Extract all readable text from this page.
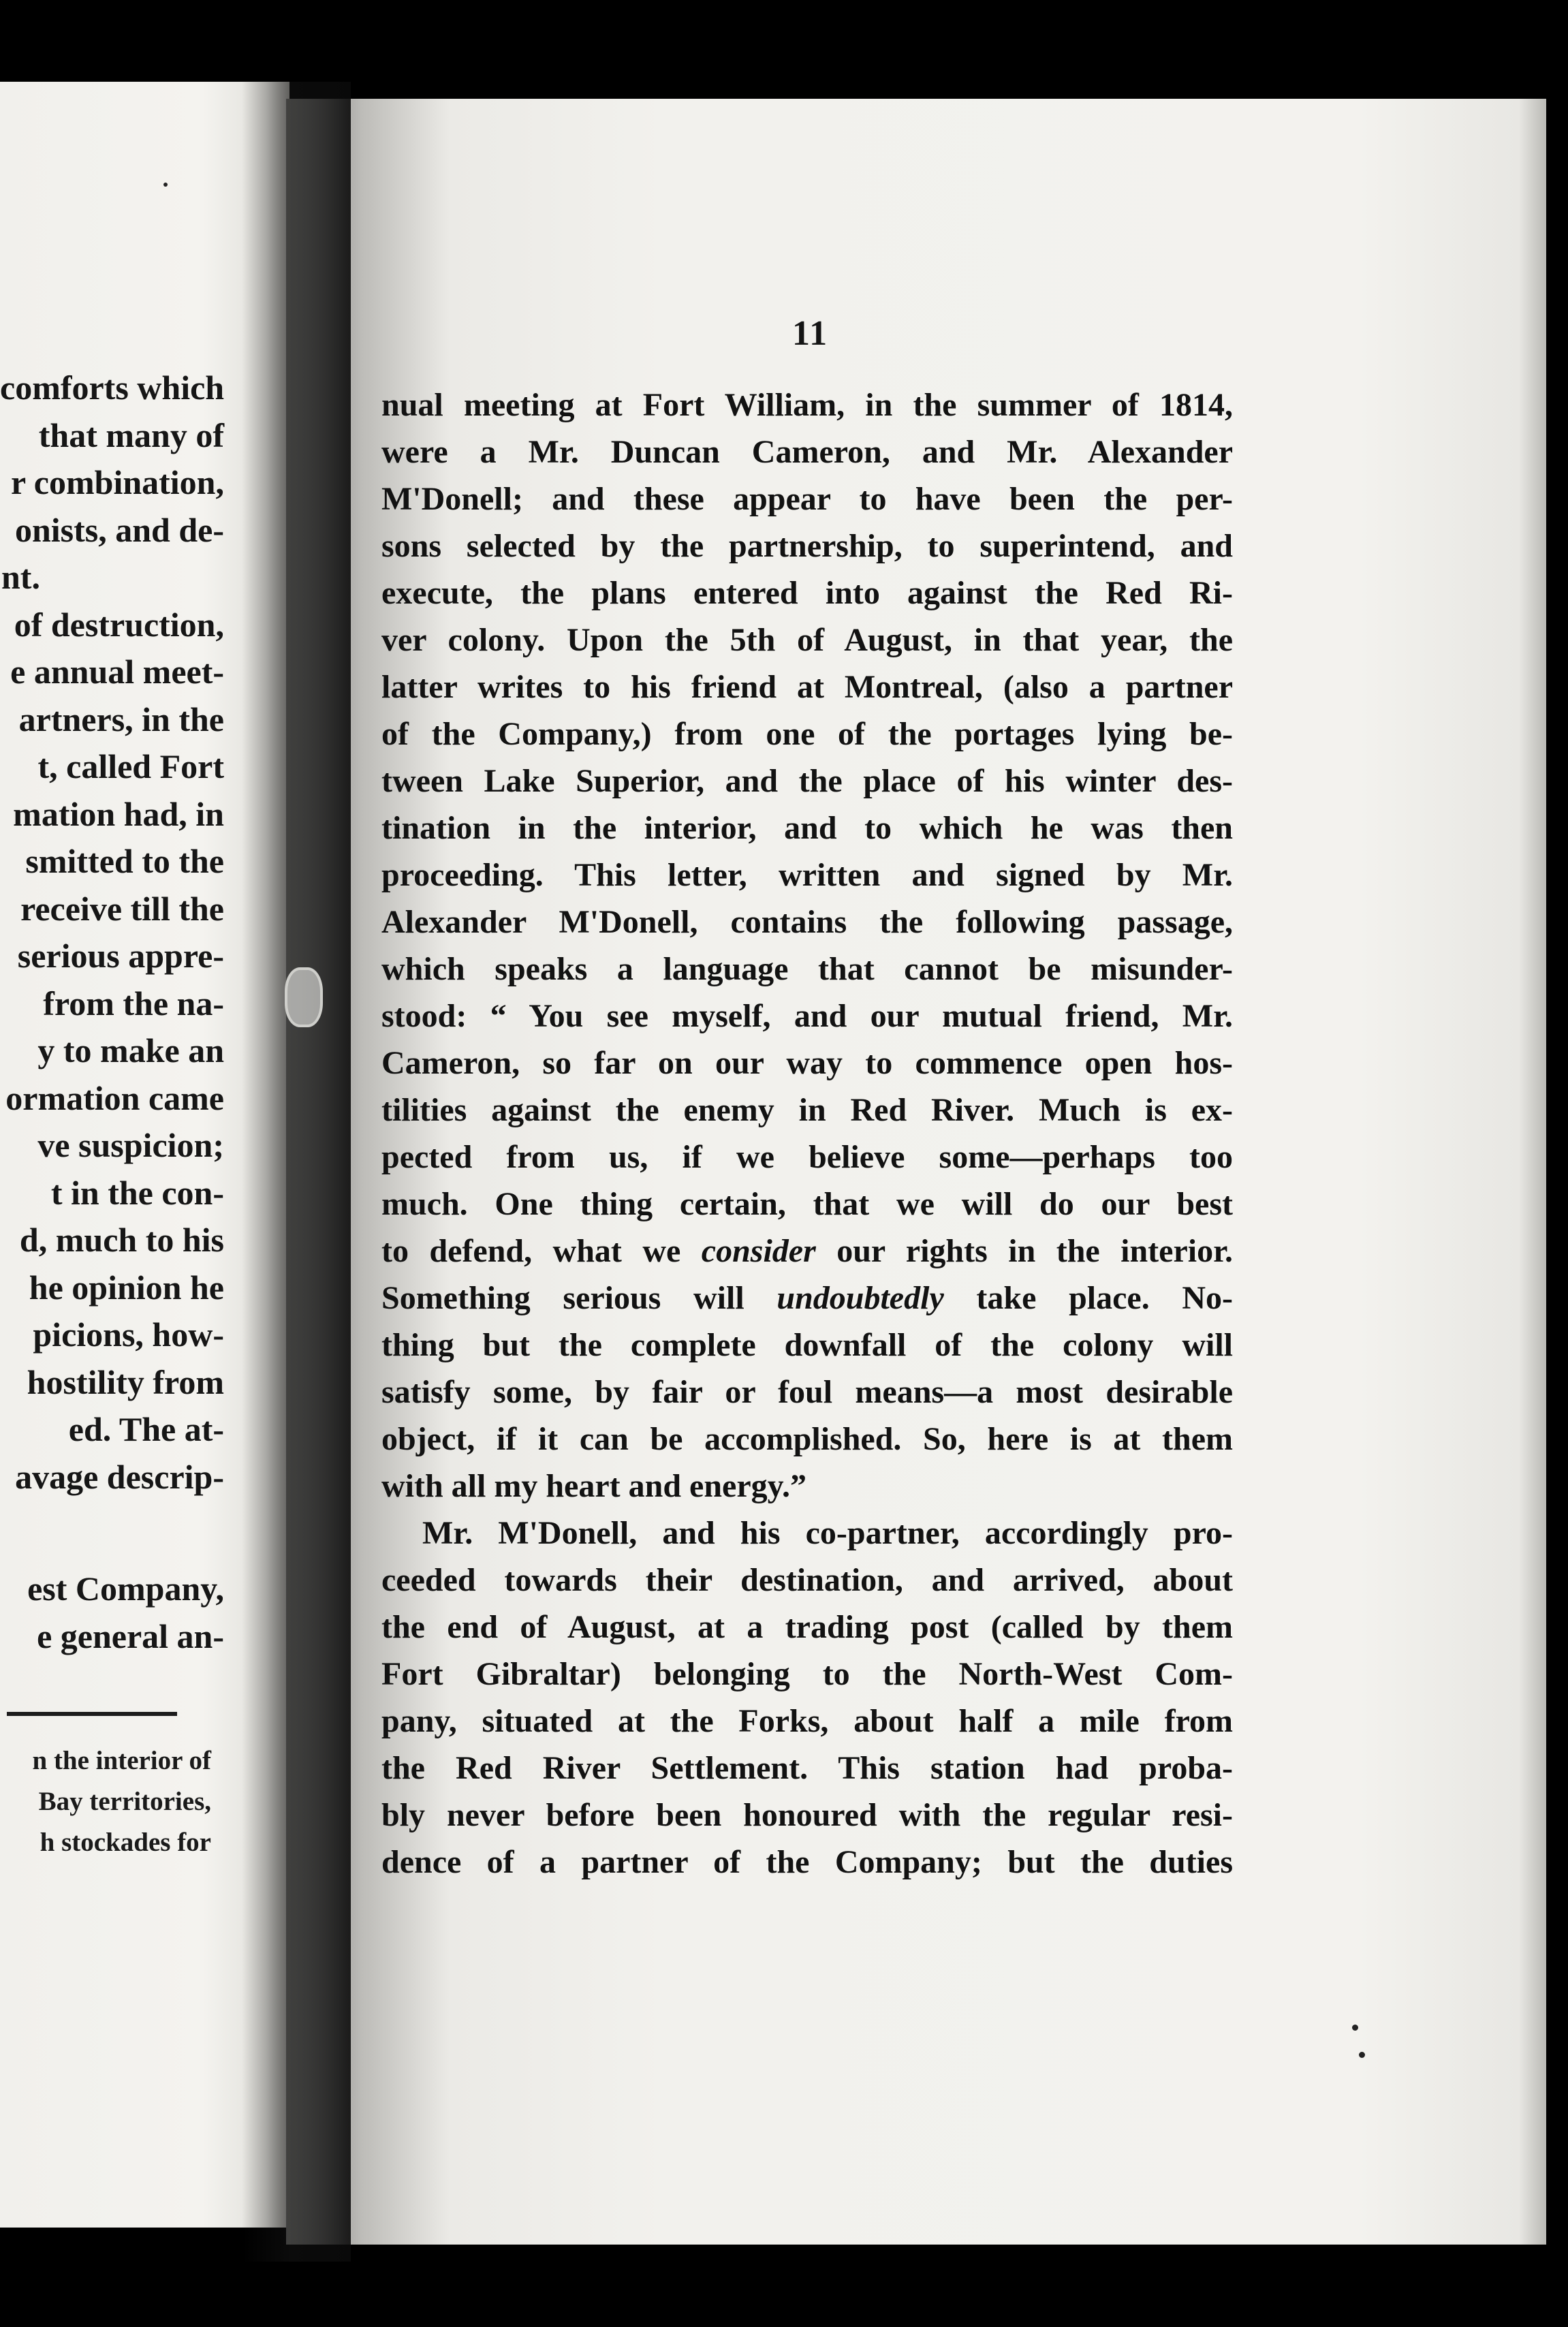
comforts which
that many of
r combination,
onists, and de-
nt.
of destruction,
e annual meet-
artners, in the
t, called Fort
mation had, in
smitted to the
receive till the
serious appre-
from the na-
y to make an
ormation came
ve suspicion;
t in the con-
d, much to his
he opinion he
picions, how-
hostility from
ed. The at-
avage descrip-
est Company,
e general an-
n the interior of
Bay territories,
h stockades for
11
nual meeting at Fort William, in the summer of 1814,
were a Mr. Duncan Cameron, and Mr. Alexander
M'Donell; and these appear to have been the per-
sons selected by the partnership, to superintend, and
execute, the plans entered into against the Red Ri-
ver colony. Upon the 5th of August, in that year, the
latter writes to his friend at Montreal, (also a partner
of the Company,) from one of the portages lying be-
tween Lake Superior, and the place of his winter des-
tination in the interior, and to which he was then
proceeding. This letter, written and signed by Mr.
Alexander M'Donell, contains the following passage,
which speaks a language that cannot be misunder-
stood: “ You see myself, and our mutual friend, Mr.
Cameron, so far on our way to commence open hos-
tilities against the enemy in Red River. Much is ex-
pected from us, if we believe some—perhaps too
much. One thing certain, that we will do our best
to defend, what we consider our rights in the interior.
Something serious will undoubtedly take place. No-
thing but the complete downfall of the colony will
satisfy some, by fair or foul means—a most desirable
object, if it can be accomplished. So, here is at them
with all my heart and energy.”
Mr. M'Donell, and his co-partner, accordingly pro-
ceeded towards their destination, and arrived, about
the end of August, at a trading post (called by them
Fort Gibraltar) belonging to the North-West Com-
pany, situated at the Forks, about half a mile from
the Red River Settlement. This station had proba-
bly never before been honoured with the regular resi-
dence of a partner of the Company; but the duties
